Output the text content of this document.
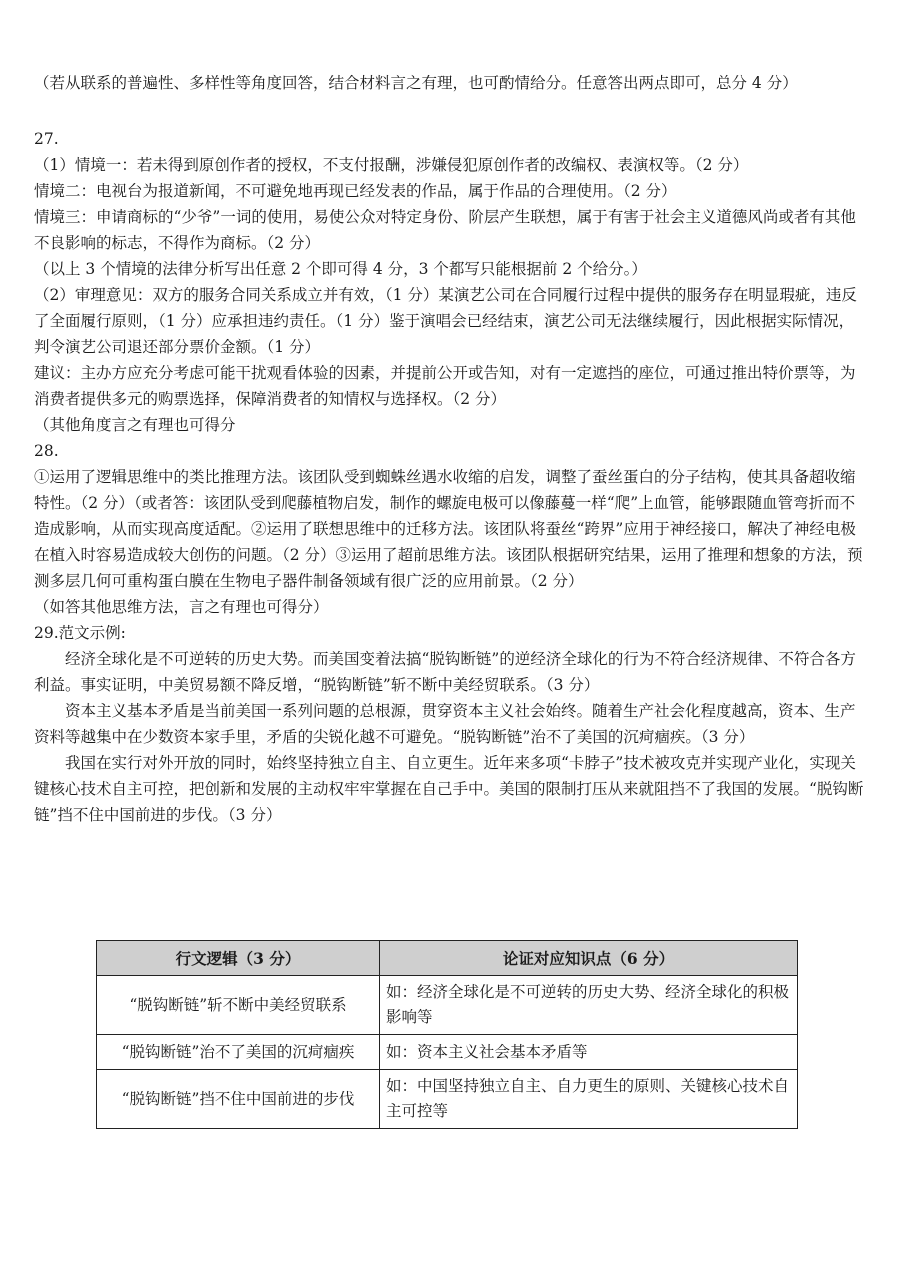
（若从联系的普遍性、多样性等角度回答，结合材料言之有理，也可酌情给分。任意答出两点即可，总分 4 分）

27.

（1）情境一：若未得到原创作者的授权，不支付报酬，涉嫌侵犯原创作者的改编权、表演权等。（2 分）

情境二：电视台为报道新闻，不可避免地再现已经发表的作品，属于作品的合理使用。（2 分）

情境三：申请商标的“少爷”一词的使用，易使公众对特定身份、阶层产生联想，属于有害于社会主义道德风尚或者有其他不良影响的标志，不得作为商标。（2 分）

（以上 3 个情境的法律分析写出任意 2 个即可得 4 分，3 个都写只能根据前 2 个给分。）

（2）审理意见：双方的服务合同关系成立并有效，（1 分）某演艺公司在合同履行过程中提供的服务存在明显瑕疵，违反了全面履行原则，（1 分）应承担违约责任。（1 分）鉴于演唱会已经结束，演艺公司无法继续履行，因此根据实际情况，判令演艺公司退还部分票价金额。（1 分）

建议：主办方应充分考虑可能干扰观看体验的因素，并提前公开或告知，对有一定遮挡的座位，可通过推出特价票等，为消费者提供多元的购票选择，保障消费者的知情权与选择权。（2 分）

（其他角度言之有理也可得分

28.

①运用了逻辑思维中的类比推理方法。该团队受到蜘蛛丝遇水收缩的启发，调整了蚕丝蛋白的分子结构，使其具备超收缩特性。（2 分）（或者答：该团队受到爬藤植物启发，制作的螺旋电极可以像藤蔓一样“爬”上血管，能够跟随血管弯折而不造成影响，从而实现高度适配。②运用了联想思维中的迁移方法。该团队将蚕丝“跨界”应用于神经接口，解决了神经电极在植入时容易造成较大创伤的问题。（2 分）③运用了超前思维方法。该团队根据研究结果，运用了推理和想象的方法，预测多层几何可重构蛋白膜在生物电子器件制备领域有很广泛的应用前景。（2 分）

（如答其他思维方法，言之有理也可得分）

29.范文示例:

经济全球化是不可逆转的历史大势。而美国变着法搞“脱钩断链”的逆经济全球化的行为不符合经济规律、不符合各方利益。事实证明，中美贸易额不降反增，“脱钩断链”斩不断中美经贸联系。（3 分）

资本主义基本矛盾是当前美国一系列问题的总根源，贯穿资本主义社会始终。随着生产社会化程度越高，资本、生产资料等越集中在少数资本家手里，矛盾的尖锐化越不可避免。“脱钩断链”治不了美国的沉疴痼疾。（3 分）

我国在实行对外开放的同时，始终坚持独立自主、自立更生。近年来多项“卡脖子”技术被攻克并实现产业化，实现关键核心技术自主可控，把创新和发展的主动权牢牢掌握在自己手中。美国的限制打压从来就阻挡不了我国的发展。“脱钩断链”挡不住中国前进的步伐。（3 分）

行文逻辑（3 分）	论证对应知识点（6 分）
“脱钩断链”斩不断中美经贸联系	如：经济全球化是不可逆转的历史大势、经济全球化的积极影响等
“脱钩断链”治不了美国的沉疴痼疾	如：资本主义社会基本矛盾等
“脱钩断链”挡不住中国前进的步伐	如：中国坚持独立自主、自力更生的原则、关键核心技术自主可控等
